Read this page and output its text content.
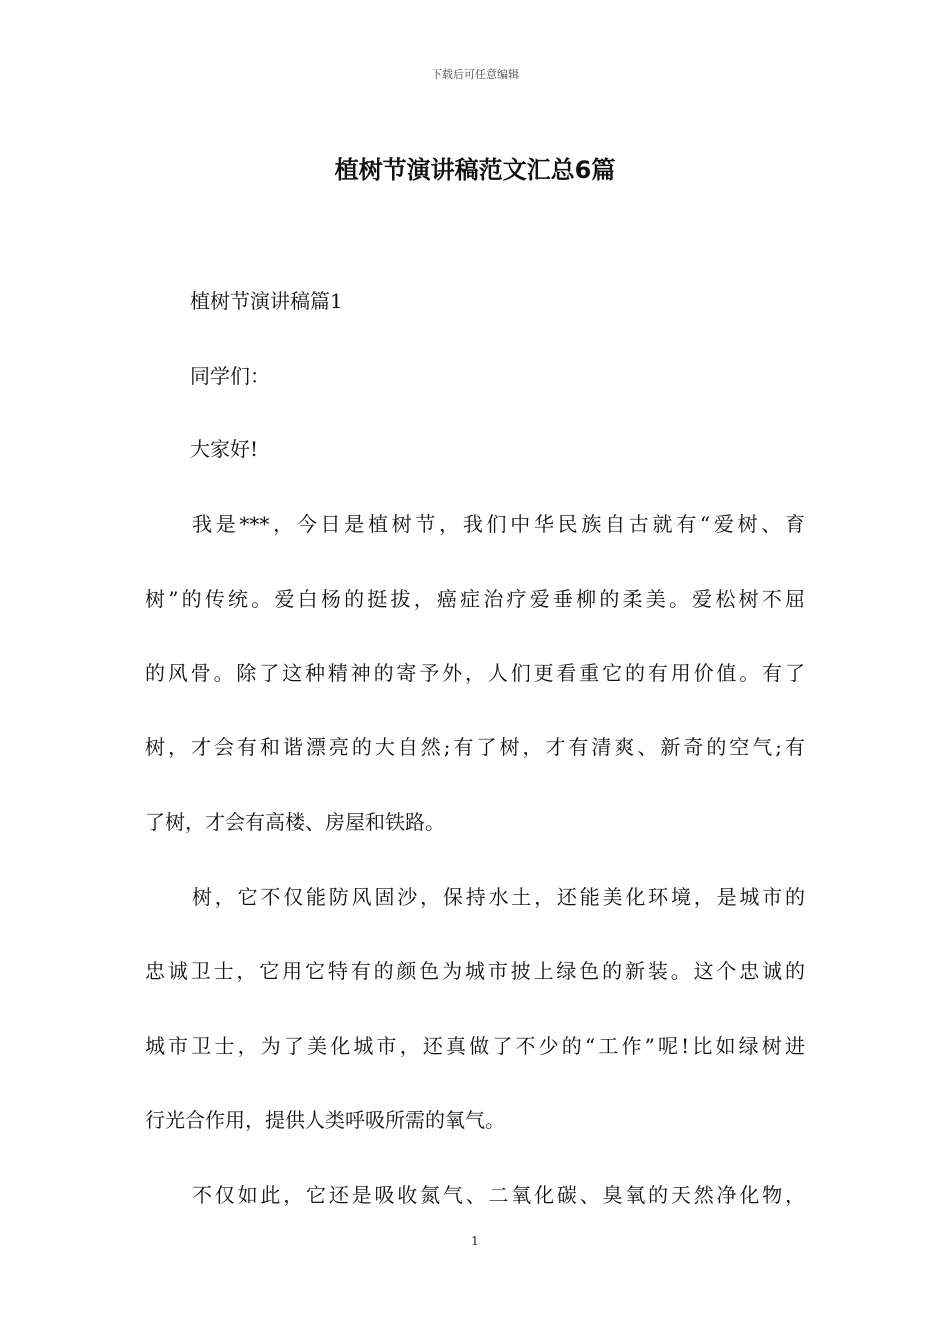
下载后可任意编辑
植树节演讲稿范文汇总6篇
植树节演讲稿篇1
同学们：
大家好!
我是***，今日是植树节，我们中华民族自古就有“爱树、育
树”的传统。爱白杨的挺拔，癌症治疗爱垂柳的柔美。爱松树不屈
的风骨。除了这种精神的寄予外，人们更看重它的有用价值。有了
树，才会有和谐漂亮的大自然;有了树，才有清爽、新奇的空气;有
了树，才会有高楼、房屋和铁路。
树，它不仅能防风固沙，保持水土，还能美化环境，是城市的
忠诚卫士，它用它特有的颜色为城市披上绿色的新装。这个忠诚的
城市卫士，为了美化城市，还真做了不少的“工作”呢!比如绿树进
行光合作用，提供人类呼吸所需的氧气。
不仅如此，它还是吸收氮气、二氧化碳、臭氧的天然净化物，
1
